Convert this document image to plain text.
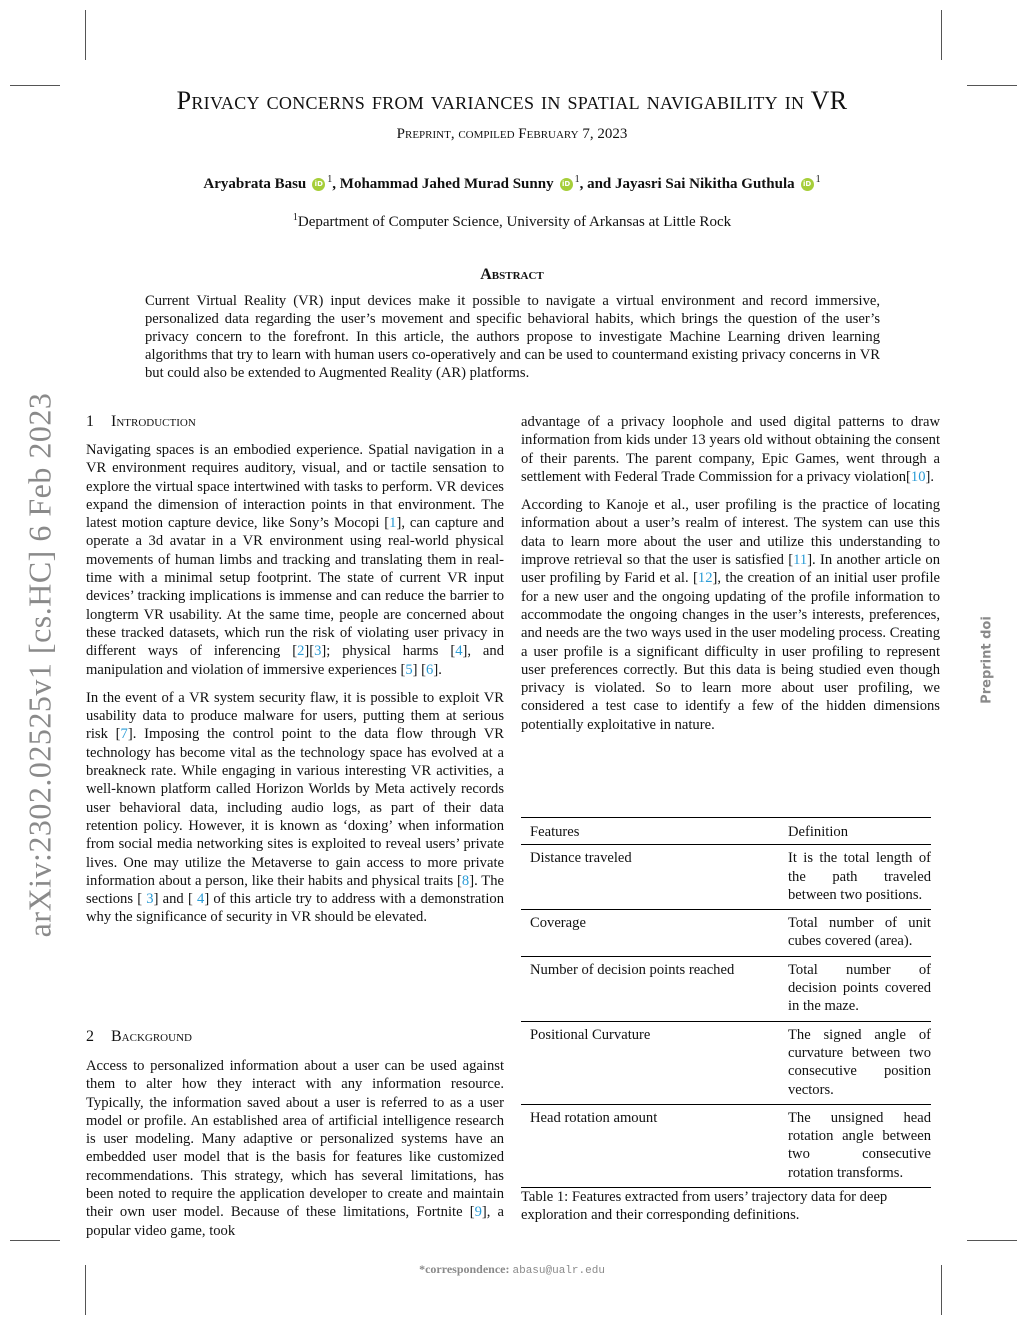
arXiv:2302.02525v1 [cs.HC] 6 Feb 2023	Preprint doi
Privacy concerns from variances in spatial navigability in VR
Preprint, compiled February 7, 2023
Aryabrata Basu iD $^1$, Mohammad Jahed Murad Sunny iD $^1$, and Jayasri Sai Nikitha Guthula iD $^1$
$^1$Department of Computer Science, University of Arkansas at Little Rock
Abstract
Current Virtual Reality (VR) input devices make it possible to navigate a virtual environment and record immersive, personalized data regarding the user’s movement and specific behavioral habits, which brings the question of the user’s privacy concern to the forefront. In this article, the authors propose to investigate Machine Learning driven learning algorithms that try to learn with human users co-operatively and can be used to countermand existing privacy concerns in VR but could also be extended to Augmented Reality (AR) platforms.
1 Introduction

Navigating spaces is an embodied experience. Spatial navigation in a VR environment requires auditory, visual, and or tactile sensation to explore the virtual space intertwined with tasks to perform. VR devices expand the dimension of interaction points in that environment. The latest motion capture device, like Sony’s Mocopi [1], can capture and operate a 3d avatar in a VR environment using real-world physical movements of human limbs and tracking and translating them in real-time with a minimal setup footprint. The state of current VR input devices’ tracking implications is immense and can reduce the barrier to longterm VR usability. At the same time, people are concerned about these tracked datasets, which run the risk of violating user privacy in different ways of inferencing [2][3]; physical harms [4], and manipulation and violation of immersive experiences [5] [6].

In the event of a VR system security flaw, it is possible to exploit VR usability data to produce malware for users, putting them at serious risk [7]. Imposing the control point to the data flow through VR technology has become vital as the technology space has evolved at a breakneck rate. While engaging in various interesting VR activities, a well-known platform called Horizon Worlds by Meta actively records user behavioral data, including audio logs, as part of their data retention policy. However, it is known as ‘doxing’ when information from social media networking sites is exploited to reveal users’ private lives. One may utilize the Metaverse to gain access to more private information about a person, like their habits and physical traits [8]. The sections [ 3] and [ 4] of this article try to address with a demonstration why the significance of security in VR should be elevated.

2 Background

Access to personalized information about a user can be used against them to alter how they interact with any information resource. Typically, the information saved about a user is referred to as a user model or profile. An established area of artificial intelligence research is user modeling. Many adaptive or personalized systems have an embedded user model that is the basis for features like customized recommendations. This strategy, which has several limitations, has been noted to require the application developer to create and maintain their own user model. Because of these limitations, Fortnite [9], a popular video game, took

advantage of a privacy loophole and used digital patterns to draw information from kids under 13 years old without obtaining the consent of their parents. The parent company, Epic Games, went through a settlement with Federal Trade Commission for a privacy violation[10].

According to Kanoje et al., user profiling is the practice of locating information about a user’s realm of interest. The system can use this data to learn more about the user and utilize this understanding to improve retrieval so that the user is satisfied [11]. In another article on user profiling by Farid et al. [12], the creation of an initial user profile for a new user and the ongoing updating of the profile information to accommodate the ongoing changes in the user’s interests, preferences, and needs are the two ways used in the user modeling process. Creating a user profile is a significant difficulty in user profiling to represent user preferences correctly. But this data is being studied even though privacy is violated. So to learn more about user profiling, we considered a test case to identify a few of the hidden dimensions potentially exploitative in nature.

Features	Definition
Distance traveled	It is the total length of the path traveled between two positions.
Coverage	Total number of unit cubes covered (area).
Number of decision points reached	Total number of decision points covered in the maze.
Positional Curvature	The signed angle of curvature between two consecutive position vectors.
Head rotation amount	The unsigned head rotation angle between two consecutive rotation transforms.
Table 1: Features extracted from users’ trajectory data for deep exploration and their corresponding definitions.
*correspondence: abasu@ualr.edu
